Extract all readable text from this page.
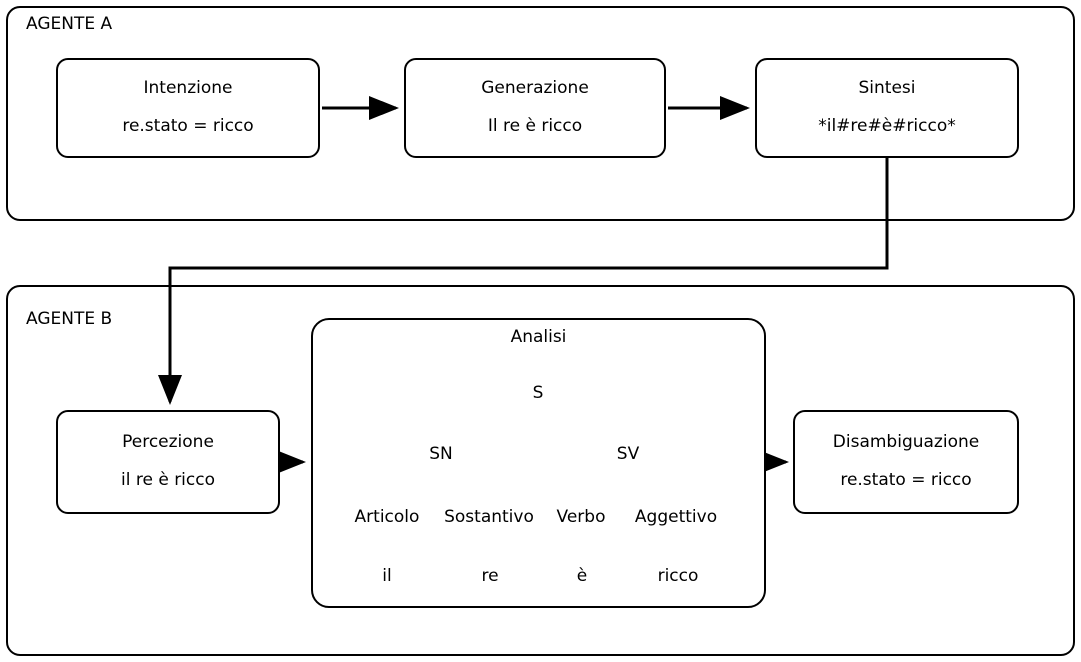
AGENTE A
AGENTE B
Intenzione
re.stato = ricco
Generazione
Il re è ricco
Sintesi
*il#re#è#ricco*
Percezione
il re è ricco
Disambiguazione
re.stato = ricco
Analisi
S
SN	SV
Articolo	Sostantivo	Verbo	Aggettivo
il	re	è	ricco
